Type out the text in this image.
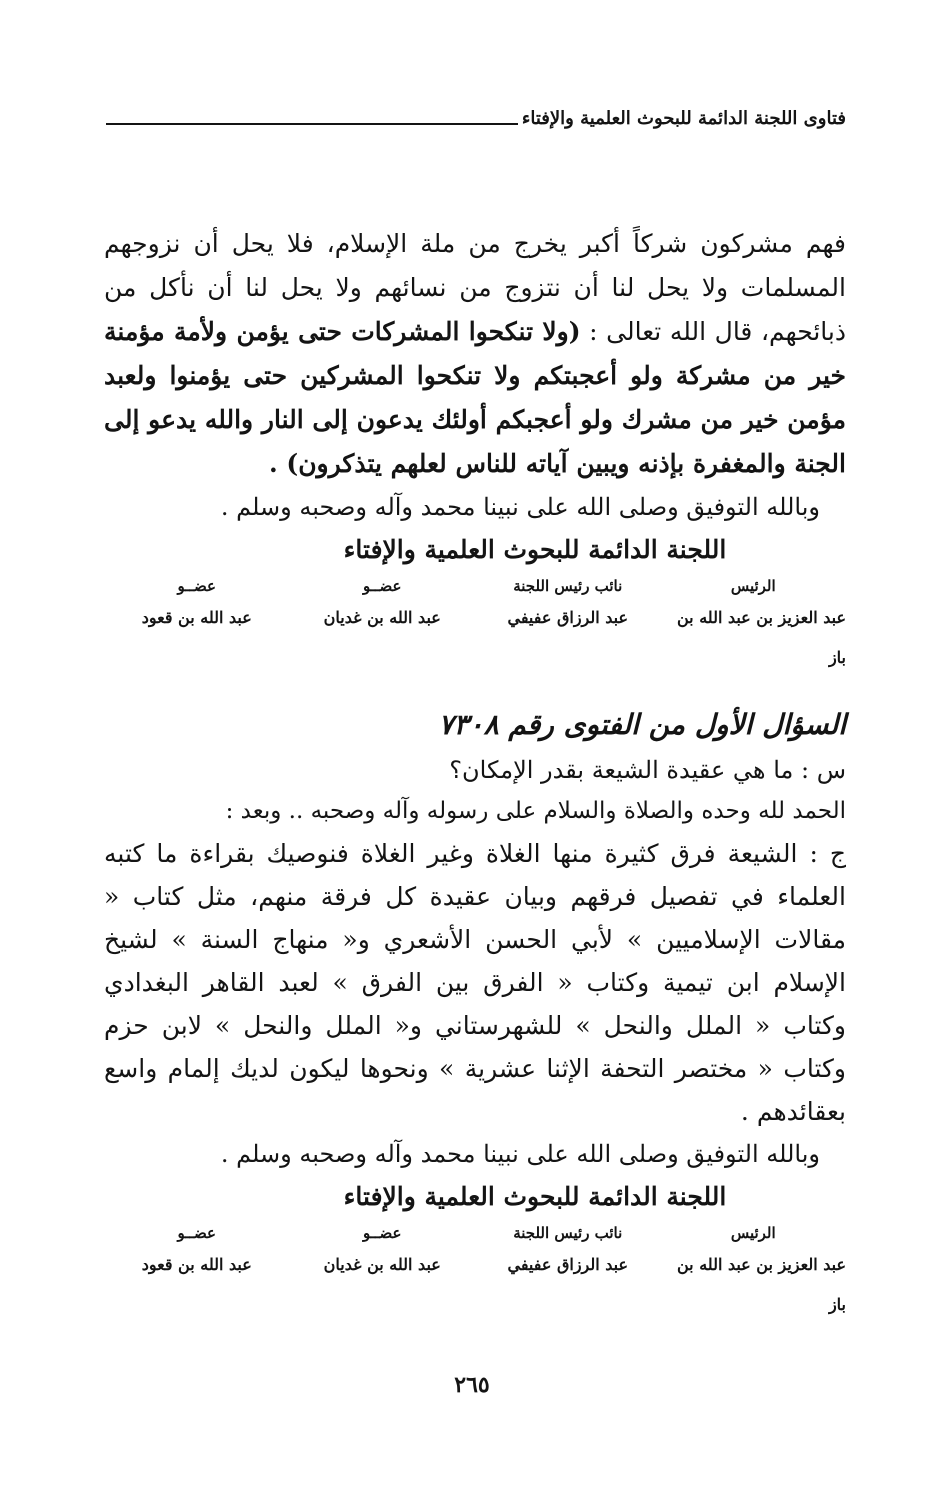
فتاوى اللجنة الدائمة للبحوث العلمية والإفتاء

فهم مشركون شركاً أكبر يخرج من ملة الإسلام، فلا يحل أن نزوجهم المسلمات ولا يحل لنا أن نتزوج من نسائهم ولا يحل لنا أن نأكل من ذبائحهم، قال الله تعالى : (ولا تنكحوا المشركات حتى يؤمن ولأمة مؤمنة خير من مشركة ولو أعجبتكم ولا تنكحوا المشركين حتى يؤمنوا ولعبد مؤمن خير من مشرك ولو أعجبكم أولئك يدعون إلى النار والله يدعو إلى الجنة والمغفرة بإذنه ويبين آياته للناس لعلهم يتذكرون) .

وبالله التوفيق وصلى الله على نبينا محمد وآله وصحبه وسلم .

اللجنة الدائمة للبحوث العلمية والإفتاء

الرئيس
عبد العزيز بن عبد الله بن باز
نائب رئيس اللجنة
عبد الرزاق عفيفي
عضــو
عبد الله بن غديان
عضــو
عبد الله بن قعود
السؤال الأول من الفتوى رقم ٧٣٠٨

س : ما هي عقيدة الشيعة بقدر الإمكان؟

الحمد لله وحده والصلاة والسلام على رسوله وآله وصحبه .. وبعد :

ج : الشيعة فرق كثيرة منها الغلاة وغير الغلاة فنوصيك بقراءة ما كتبه العلماء في تفصيل فرقهم وبيان عقيدة كل فرقة منهم، مثل كتاب « مقالات الإسلاميين » لأبي الحسن الأشعري و« منهاج السنة » لشيخ الإسلام ابن تيمية وكتاب « الفرق بين الفرق » لعبد القاهر البغدادي وكتاب « الملل والنحل » للشهرستاني و« الملل والنحل » لابن حزم وكتاب « مختصر التحفة الإثنا عشرية » ونحوها ليكون لديك إلمام واسع بعقائدهم .

وبالله التوفيق وصلى الله على نبينا محمد وآله وصحبه وسلم .

اللجنة الدائمة للبحوث العلمية والإفتاء

الرئيس
عبد العزيز بن عبد الله بن باز
نائب رئيس اللجنة
عبد الرزاق عفيفي
عضــو
عبد الله بن غديان
عضــو
عبد الله بن قعود
٢٦٥
